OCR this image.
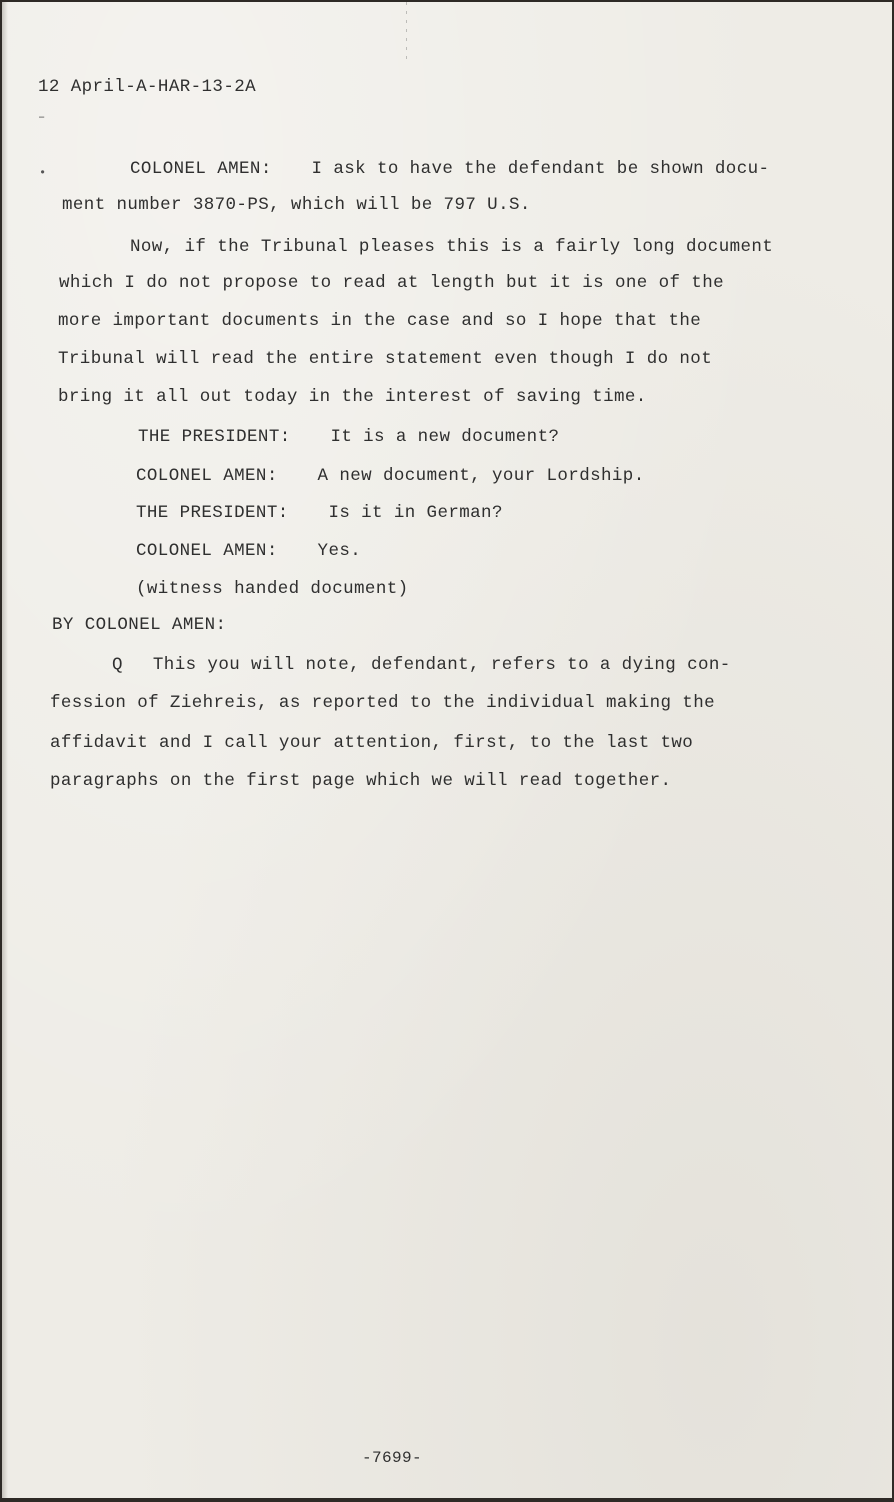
12 April-A-HAR-13-2A
–
•	COLONEL AMEN: I ask to have the defendant be shown docu-
ment number 3870-PS, which will be 797 U.S.
Now, if the Tribunal pleases this is a fairly long document
which I do not propose to read at length but it is one of the
more important documents in the case and so I hope that the
Tribunal will read the entire statement even though I do not
bring it all out today in the interest of saving time.
THE PRESIDENT: It is a new document?
COLONEL AMEN: A new document, your Lordship.
THE PRESIDENT: Is it in German?
COLONEL AMEN: Yes.
(witness handed document)
BY COLONEL AMEN:
Q This you will note, defendant, refers to a dying con-
fession of Ziehreis, as reported to the individual making the
affidavit and I call your attention, first, to the last two
paragraphs on the first page which we will read together.
-7699-
